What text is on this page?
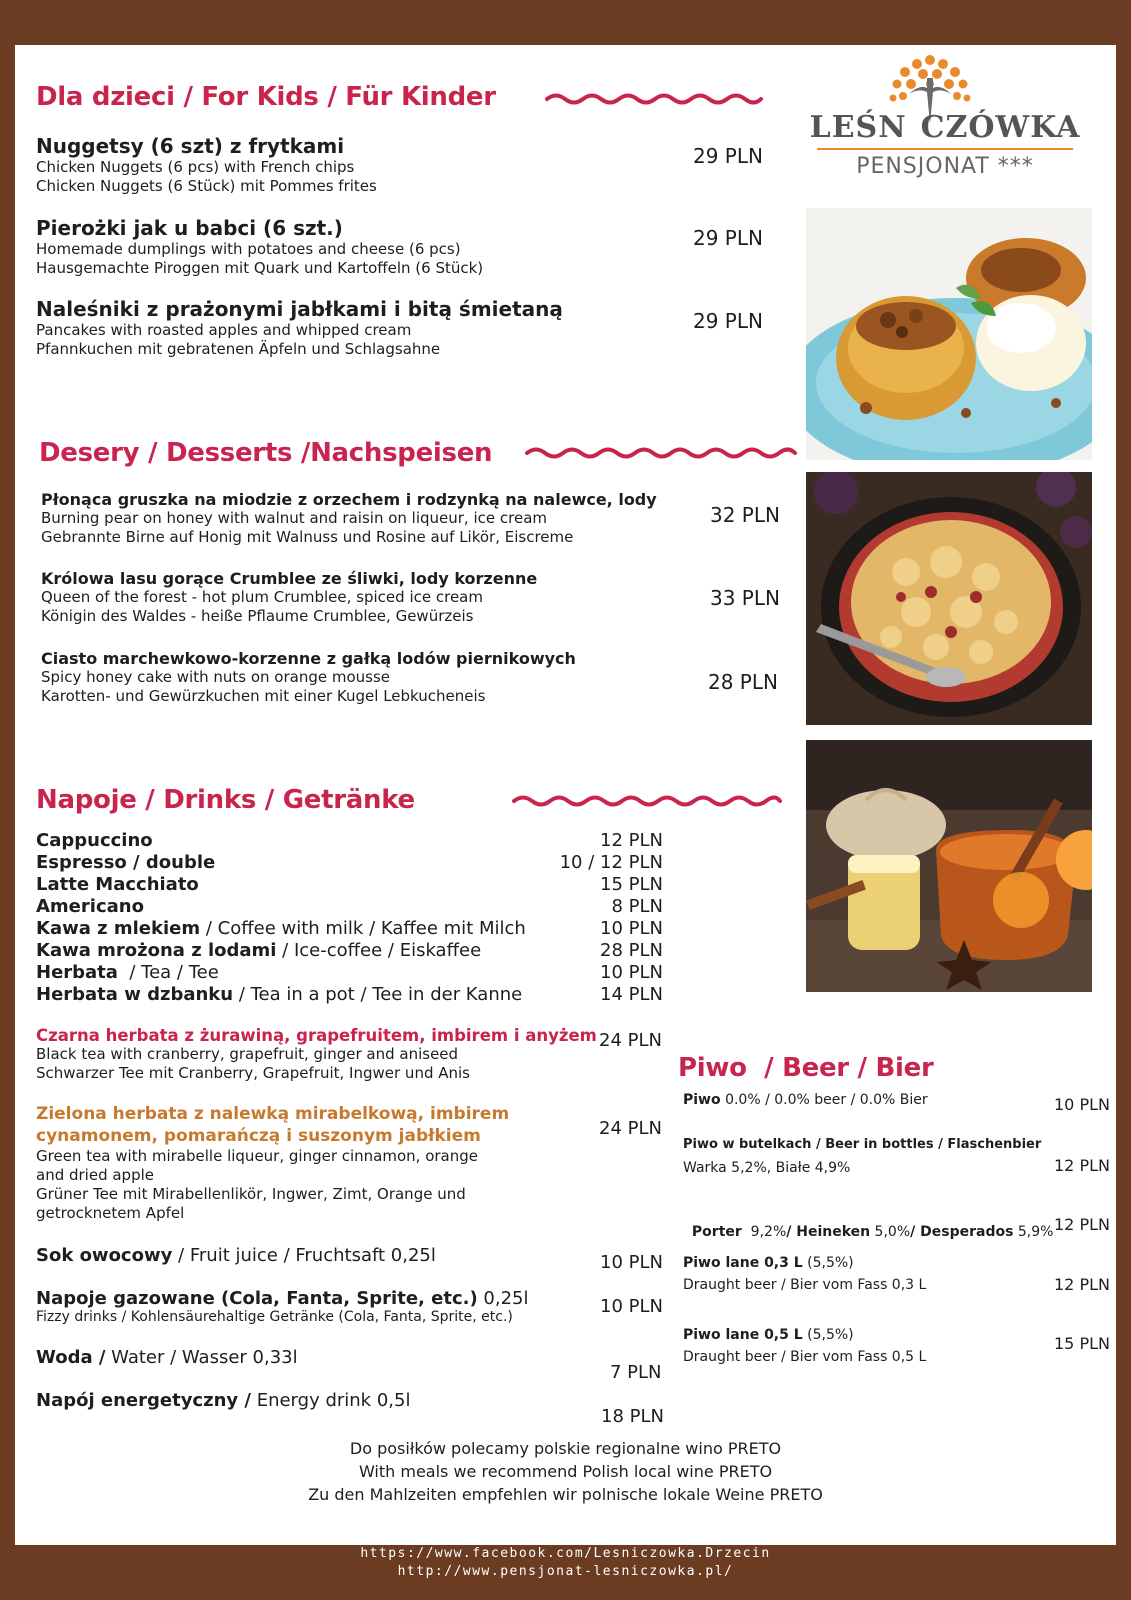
LEŚN CZÓWKA
PENSJONAT ***
Dla dzieci / For Kids / Für Kinder
Nuggetsy (6 szt) z frytkami
Chicken Nuggets (6 pcs) with French chips
Chicken Nuggets (6 Stück) mit Pommes frites
29 PLN
Pierożki jak u babci (6 szt.)
Homemade dumplings with potatoes and cheese (6 pcs)
Hausgemachte Piroggen mit Quark und Kartoffeln (6 Stück)
29 PLN
Naleśniki z prażonymi jabłkami i bitą śmietaną
Pancakes with roasted apples and whipped cream
Pfannkuchen mit gebratenen Äpfeln und Schlagsahne
29 PLN
Desery / Desserts /Nachspeisen
Płonąca gruszka na miodzie z orzechem i rodzynką na nalewce, lody
Burning pear on honey with walnut and raisin on liqueur, ice cream
Gebrannte Birne auf Honig mit Walnuss und Rosine auf Likör, Eiscreme
32 PLN
Królowa lasu gorące Crumblee ze śliwki, lody korzenne
Queen of the forest - hot plum Crumblee, spiced ice cream
Königin des Waldes - heiße Pflaume Crumblee, Gewürzeis
33 PLN
Ciasto marchewkowo-korzenne z gałką lodów piernikowych
Spicy honey cake with nuts on orange mousse
Karotten- und Gewürzkuchen mit einer Kugel Lebkucheneis
28 PLN
Napoje / Drinks / Getränke
Cappuccino	12 PLN
Espresso / double	10 / 12 PLN
Latte Macchiato	15 PLN
Americano	8 PLN
Kawa z mlekiem / Coffee with milk / Kaffee mit Milch	10 PLN
Kawa mrożona z lodami / Ice-coffee / Eiskaffee	28 PLN
Herbata  / Tea / Tee	10 PLN
Herbata w dzbanku / Tea in a pot / Tee in der Kanne	14 PLN
Czarna herbata z żurawiną, grapefruitem, imbirem i anyżem
Black tea with cranberry, grapefruit, ginger and aniseed
Schwarzer Tee mit Cranberry, Grapefruit, Ingwer und Anis
24 PLN
Zielona herbata z nalewką mirabelkową, imbirem
cynamonem, pomarańczą i suszonym jabłkiem
Green tea with mirabelle liqueur, ginger cinnamon, orange
and dried apple
Grüner Tee mit Mirabellenlikör, Ingwer, Zimt, Orange und
getrocknetem Apfel
24 PLN
Sok owocowy / Fruit juice / Fruchtsaft 0,25l	10 PLN
Napoje gazowane (Cola, Fanta, Sprite, etc.) 0,25l
Fizzy drinks / Kohlensäurehaltige Getränke (Cola, Fanta, Sprite, etc.)	10 PLN
Woda / Water / Wasser 0,33l
7 PLN
Napój energetyczny / Energy drink 0,5l
18 PLN
Piwo  / Beer / Bier
Piwo 0.0% / 0.0% beer / 0.0% Bier	10 PLN
Piwo w butelkach / Beer in bottles / Flaschenbier
Warka 5,2%, Białe 4,9%	12 PLN

Porter  9,2%/ Heineken 5,0%/ Desperados 5,9% 12 PLN
Piwo lane 0,3 L (5,5%)
Draught beer / Bier vom Fass 0,3 L	12 PLN
Piwo lane 0,5 L (5,5%)
Draught beer / Bier vom Fass 0,5 L
15 PLN
Do posiłków polecamy polskie regionalne wino PRETO
With meals we recommend Polish local wine PRETO
Zu den Mahlzeiten empfehlen wir polnische lokale Weine PRETO
https://www.facebook.com/Lesniczowka.Drzecin
http://www.pensjonat-lesniczowka.pl/
